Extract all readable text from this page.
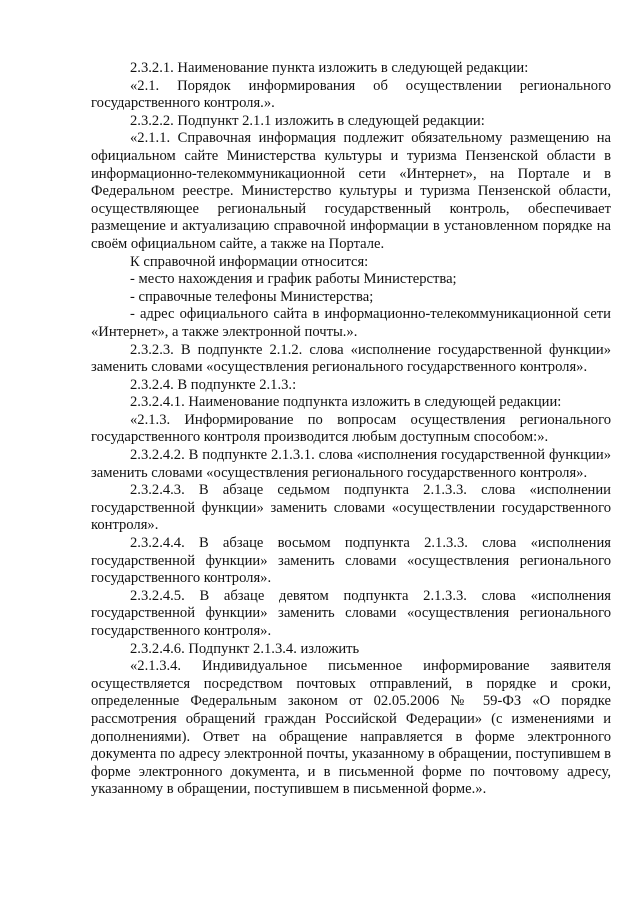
2.3.2.1. Наименование пункта изложить в следующей редакции:

«2.1. Порядок информирования об осуществлении регионального государственного контроля.».

2.3.2.2. Подпункт 2.1.1 изложить в следующей редакции:

«2.1.1. Справочная информация подлежит обязательному размещению на официальном сайте Министерства культуры и туризма Пензенской области в информационно-телекоммуникационной сети «Интернет», на Портале и в Федеральном реестре. Министерство культуры и туризма Пензенской области, осуществляющее региональный государственный контроль, обеспечивает размещение и актуализацию справочной информации в установленном порядке на своём официальном сайте, а также на Портале.

К справочной информации относится:

- место нахождения и график работы Министерства;

- справочные телефоны Министерства;

- адрес официального сайта в информационно-телекоммуникационной сети «Интернет», а также электронной почты.».

2.3.2.3. В подпункте 2.1.2. слова «исполнение государственной функции» заменить словами «осуществления регионального государственного контроля».

2.3.2.4. В подпункте 2.1.3.:

2.3.2.4.1. Наименование подпункта изложить в следующей редакции:

«2.1.3. Информирование по вопросам осуществления регионального государственного контроля производится любым доступным способом:».

2.3.2.4.2. В подпункте 2.1.3.1. слова «исполнения государственной функции» заменить словами «осуществления регионального государственного контроля».

2.3.2.4.3. В абзаце седьмом подпункта 2.1.3.3. слова «исполнении государственной функции» заменить словами «осуществлении государственного контроля».

2.3.2.4.4. В абзаце восьмом подпункта 2.1.3.3. слова «исполнения государственной функции» заменить словами «осуществления регионального государственного контроля».

2.3.2.4.5. В абзаце девятом подпункта 2.1.3.3. слова «исполнения государственной функции» заменить словами «осуществления регионального государственного контроля».

2.3.2.4.6. Подпункт 2.1.3.4. изложить

«2.1.3.4. Индивидуальное письменное информирование заявителя осуществляется посредством почтовых отправлений, в порядке и сроки, определенные Федеральным законом от 02.05.2006 № 59-ФЗ «О порядке рассмотрения обращений граждан Российской Федерации» (с изменениями и дополнениями). Ответ на обращение направляется в форме электронного документа по адресу электронной почты, указанному в обращении, поступившем в форме электронного документа, и в письменной форме по почтовому адресу, указанному в обращении, поступившем в письменной форме.».
